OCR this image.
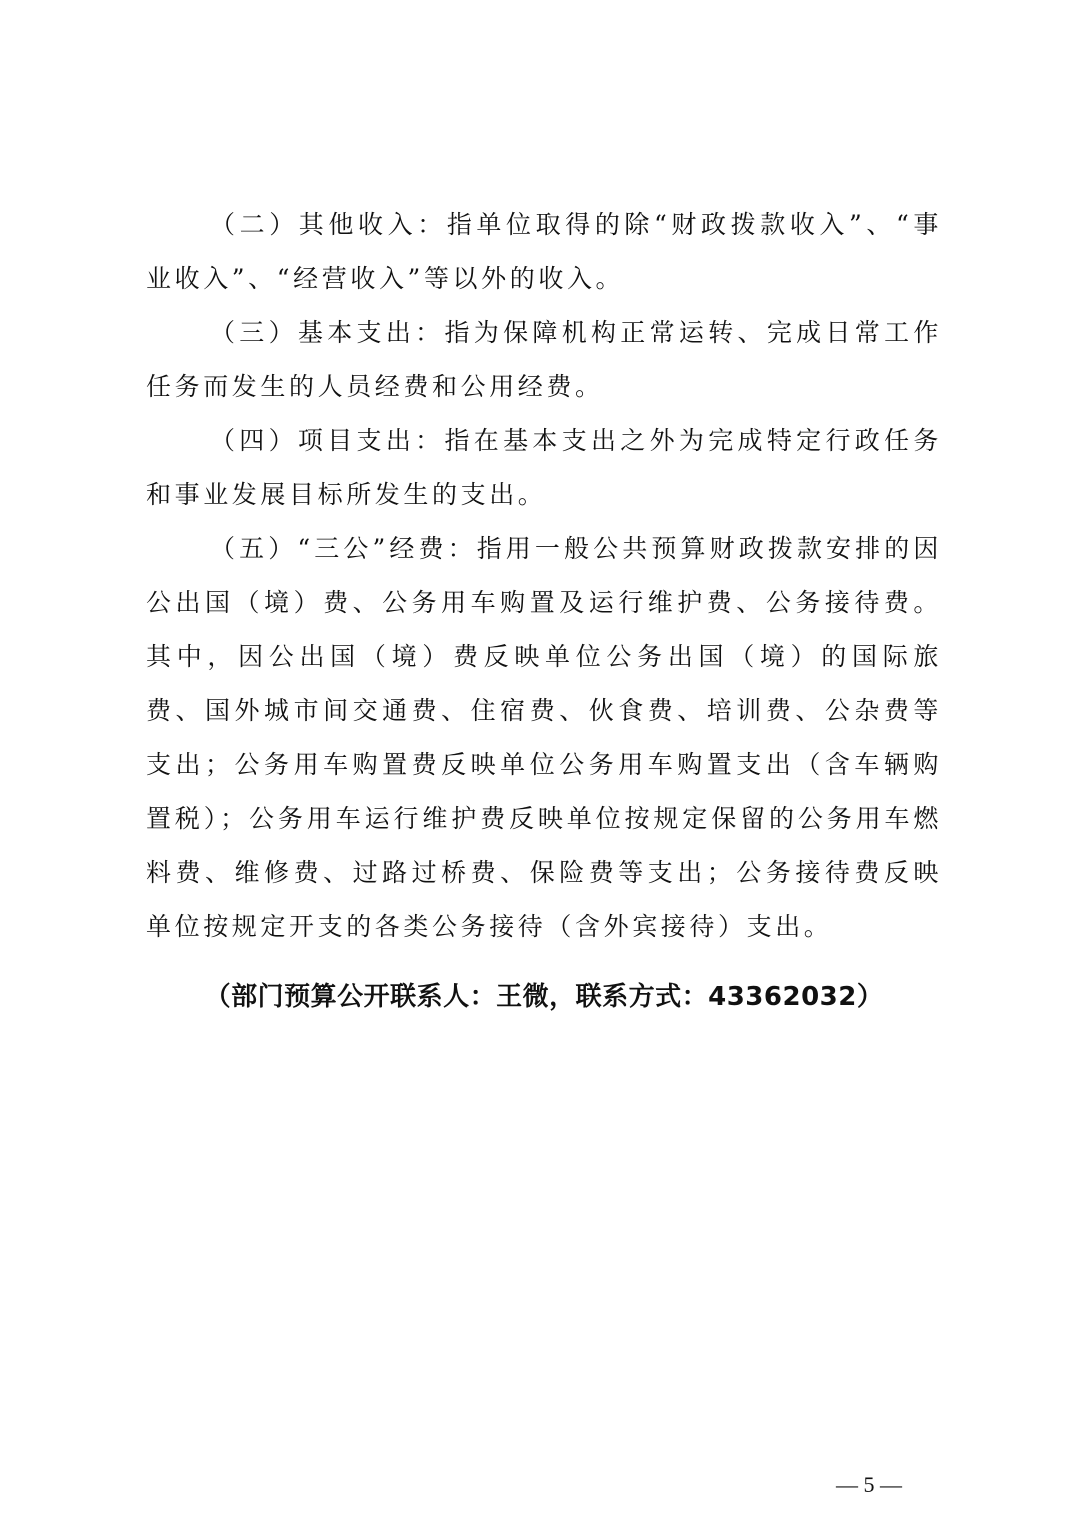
（二）其他收入：指单位取得的除“财政拨款收入”、“事业收入”、“经营收入”等以外的收入。

（三）基本支出：指为保障机构正常运转、完成日常工作任务而发生的人员经费和公用经费。

（四）项目支出：指在基本支出之外为完成特定行政任务和事业发展目标所发生的支出。

（五）“三公”经费：指用一般公共预算财政拨款安排的因公出国（境）费、公务用车购置及运行维护费、公务接待费。其中，因公出国（境）费反映单位公务出国（境）的国际旅费、国外城市间交通费、住宿费、伙食费、培训费、公杂费等支出；公务用车购置费反映单位公务用车购置支出（含车辆购置税）；公务用车运行维护费反映单位按规定保留的公务用车燃料费、维修费、过路过桥费、保险费等支出；公务接待费反映单位按规定开支的各类公务接待（含外宾接待）支出。

（部门预算公开联系人：王微，联系方式：43362032）

— 5 —
